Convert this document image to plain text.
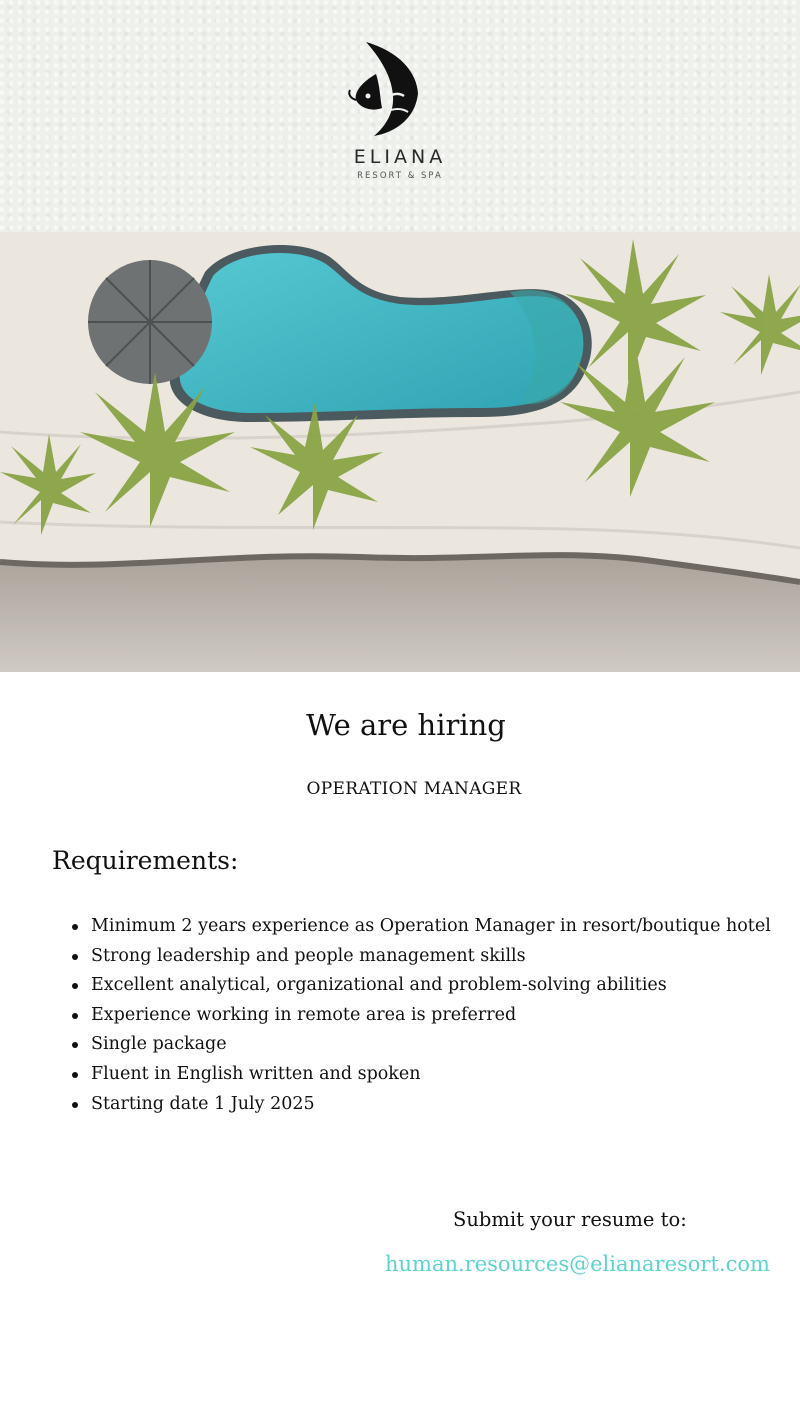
ELIANA
RESORT & SPA
We are hiring
OPERATION MANAGER
Requirements:
Minimum 2 years experience as Operation Manager in resort/boutique hotel
Strong leadership and people management skills
Excellent analytical, organizational and problem-solving abilities
Experience working in remote area is preferred
Single package
Fluent in English written and spoken
Starting date 1 July 2025
Submit your resume to:
human.resources@elianaresort.com
